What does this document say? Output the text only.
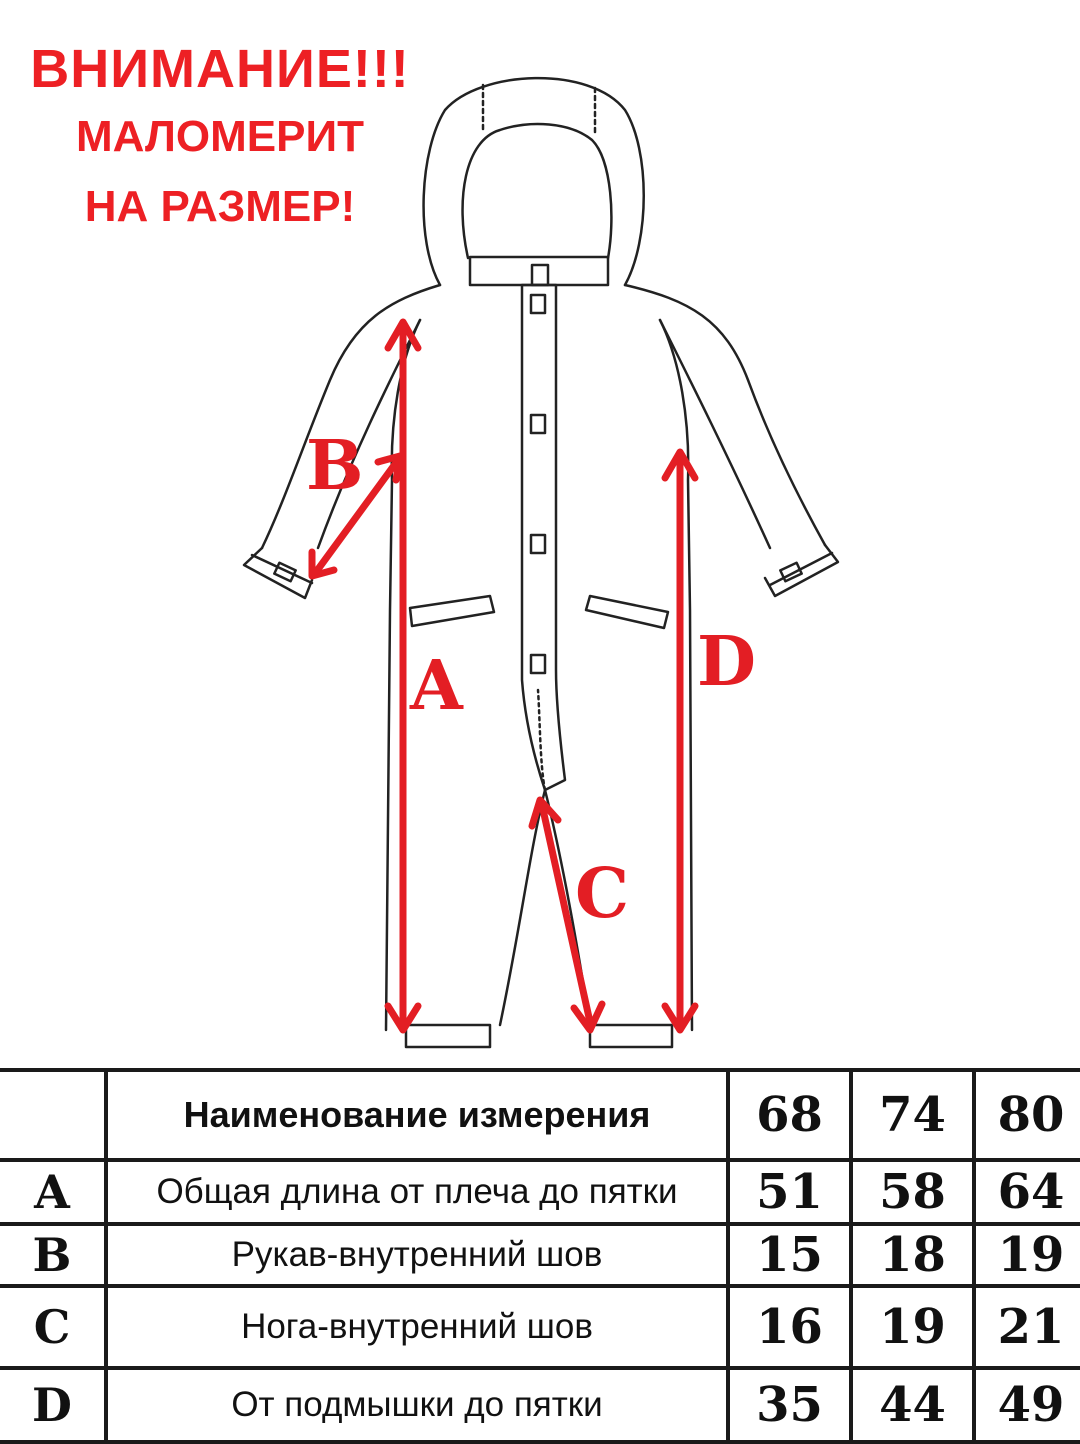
ВНИМАНИЕ!!!
МАЛОМЕРИТ
НА РАЗМЕР!
B
A	D
C
	Наименование измерения	68	74	80
A	Общая длина от плеча до пятки	51	58	64
B	Рукав-внутренний шов	15	18	19
C	Нога-внутренний шов	16	19	21
D	От подмышки до пятки	35	44	49
